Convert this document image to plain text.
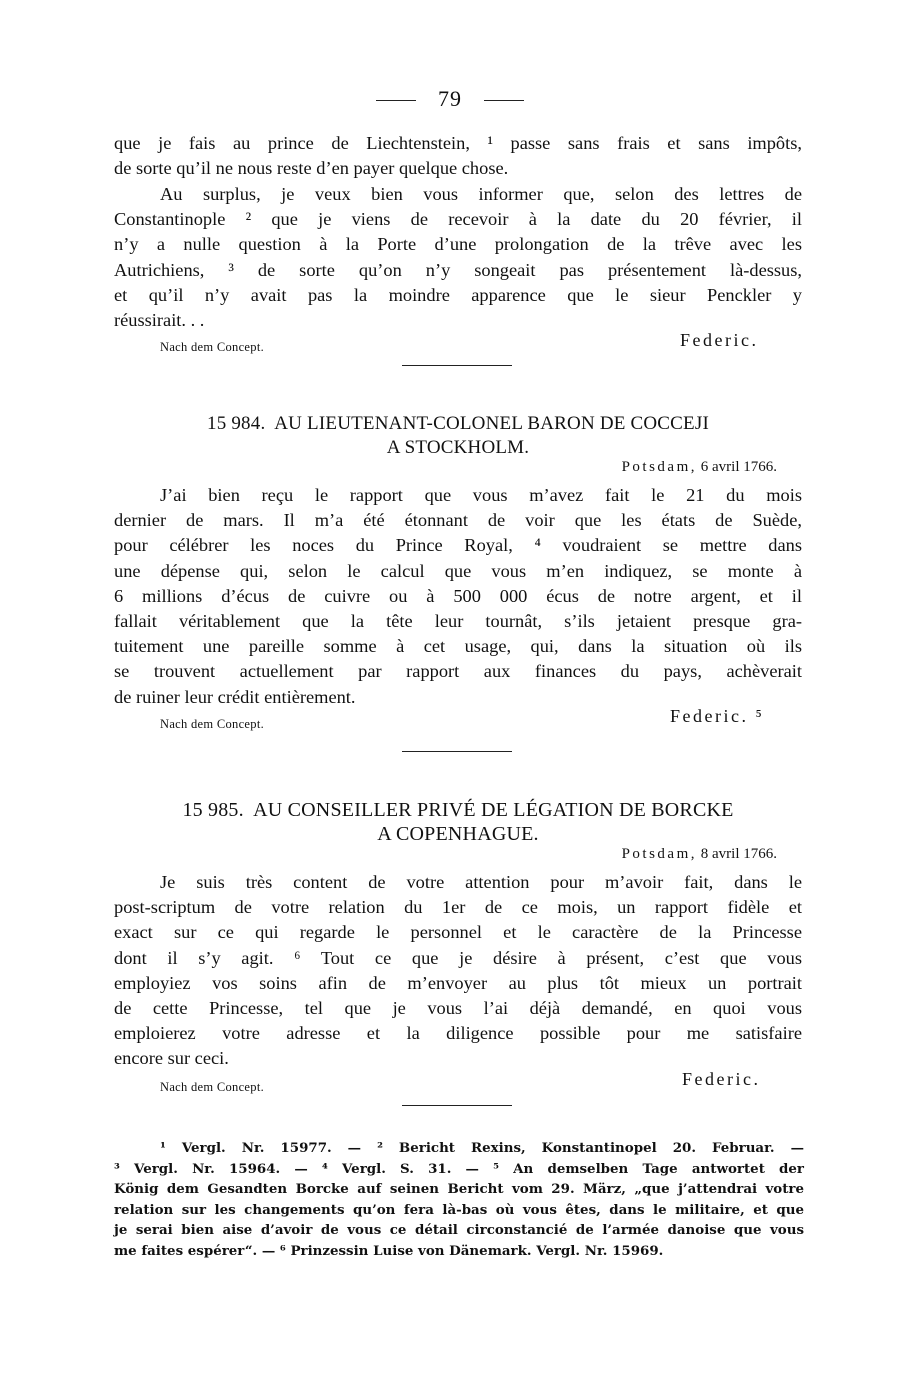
79
que je fais au prince de Liechtenstein, ¹ passe sans frais et sans impôts,
de sorte qu’il ne nous reste d’en payer quelque chose.
Au surplus, je veux bien vous informer que, selon des lettres de
Constantinople ² que je viens de recevoir à la date du 20 février, il
n’y a nulle question à la Porte d’une prolongation de la trêve avec les
Autrichiens, ³ de sorte qu’on n’y songeait pas présentement là-dessus,
et qu’il n’y avait pas la moindre apparence que le sieur Penckler y
réussirait. . .
Nach dem Concept.	Federic.
15 984. AU LIEUTENANT-COLONEL BARON DE COCCEJI
A STOCKHOLM.
Potsdam, 6 avril 1766.
J’ai bien reçu le rapport que vous m’avez fait le 21 du mois
dernier de mars. Il m’a été étonnant de voir que les états de Suède,
pour célébrer les noces du Prince Royal, ⁴ voudraient se mettre dans
une dépense qui, selon le calcul que vous m’en indiquez, se monte à
6 millions d’écus de cuivre ou à 500 000 écus de notre argent, et il
fallait véritablement que la tête leur tournât, s’ils jetaient presque gra-
tuitement une pareille somme à cet usage, qui, dans la situation où ils
se trouvent actuellement par rapport aux finances du pays, achèverait
de ruiner leur crédit entièrement.
Nach dem Concept.	Federic. ⁵
15 985. AU CONSEILLER PRIVÉ DE LÉGATION DE BORCKE
A COPENHAGUE.
Potsdam, 8 avril 1766.
Je suis très content de votre attention pour m’avoir fait, dans le
post-scriptum de votre relation du 1er de ce mois, un rapport fidèle et
exact sur ce qui regarde le personnel et le caractère de la Princesse
dont il s’y agit. ⁶ Tout ce que je désire à présent, c’est que vous
employiez vos soins afin de m’envoyer au plus tôt mieux un portrait
de cette Princesse, tel que je vous l’ai déjà demandé, en quoi vous
emploierez votre adresse et la diligence possible pour me satisfaire
encore sur ceci.
Nach dem Concept.	Federic.
¹ Vergl. Nr. 15977. — ² Bericht Rexins, Konstantinopel 20. Februar. —
³ Vergl. Nr. 15964. — ⁴ Vergl. S. 31. — ⁵ An demselben Tage antwortet der
König dem Gesandten Borcke auf seinen Bericht vom 29. März, „que j’attendrai votre
relation sur les changements qu’on fera là-bas où vous êtes, dans le militaire, et que
je serai bien aise d’avoir de vous ce détail circonstancié de l’armée danoise que vous
me faites espérer“. — ⁶ Prinzessin Luise von Dänemark. Vergl. Nr. 15969.
